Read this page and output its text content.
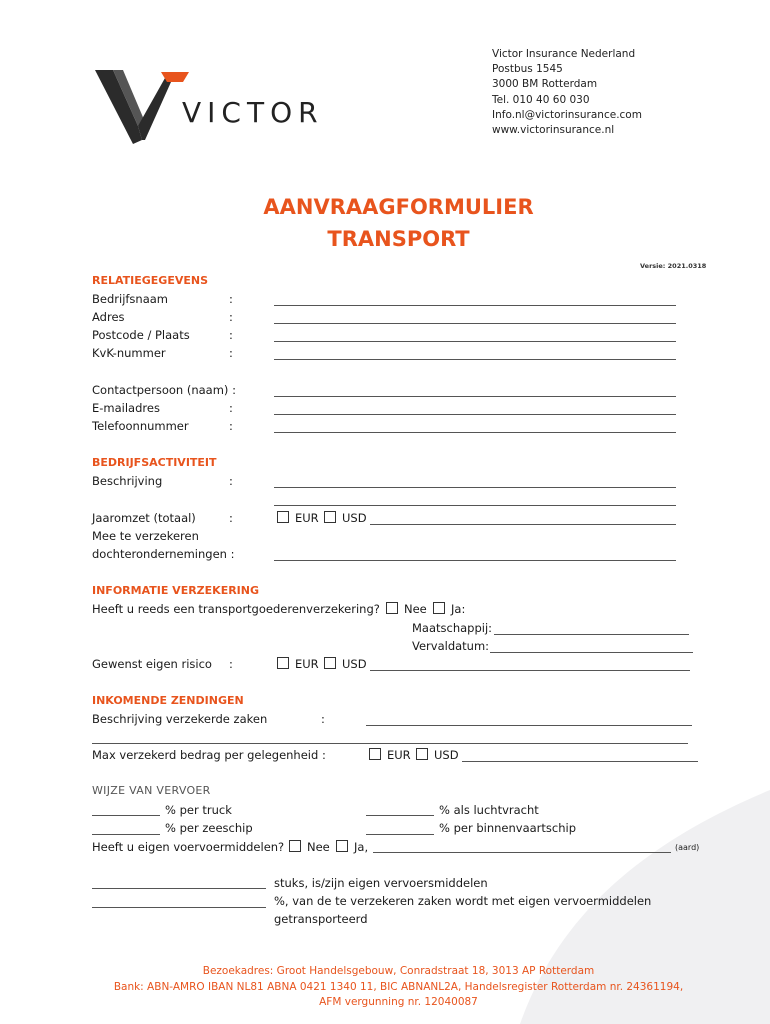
VICTOR
Victor Insurance Nederland
Postbus 1545
3000 BM Rotterdam
Tel. 010 40 60 030
Info.nl@victorinsurance.com
www.victorinsurance.nl
AANVRAAGFORMULIER
TRANSPORT
Versie: 2021.0318
RELATIEGEGEVENS
Bedrijfsnaam	:
Adres	:
Postcode / Plaats	:
KvK-nummer	:
Contactpersoon (naam) :
E-mailadres	:
Telefoonnummer	:
BEDRIJFSACTIVITEIT
Beschrijving	:
Jaaromzet (totaal)	:	EUR USD
Mee te verzekeren
dochterondernemingen :
INFORMATIE VERZEKERING
Heeft u reeds een transportgoederenverzekering? Nee Ja:
Maatschappij:
Vervaldatum:
Gewenst eigen risico :	EUR USD
INKOMENDE ZENDINGEN
Beschrijving verzekerde zaken	:
Max verzekerd bedrag per gelegenheid :	EUR USD
WIJZE VAN VERVOER
% per truck	% als luchtvracht
% per zeeschip	% per binnenvaartschip
Heeft u eigen voervoermiddelen? Nee Ja,	(aard)
stuks, is/zijn eigen vervoersmiddelen
%, van de te verzekeren zaken wordt met eigen vervoermiddelen
getransporteerd
Bezoekadres: Groot Handelsgebouw, Conradstraat 18, 3013 AP Rotterdam
Bank: ABN-AMRO IBAN NL81 ABNA 0421 1340 11, BIC ABNANL2A, Handelsregister Rotterdam nr. 24361194,
AFM vergunning nr. 12040087
